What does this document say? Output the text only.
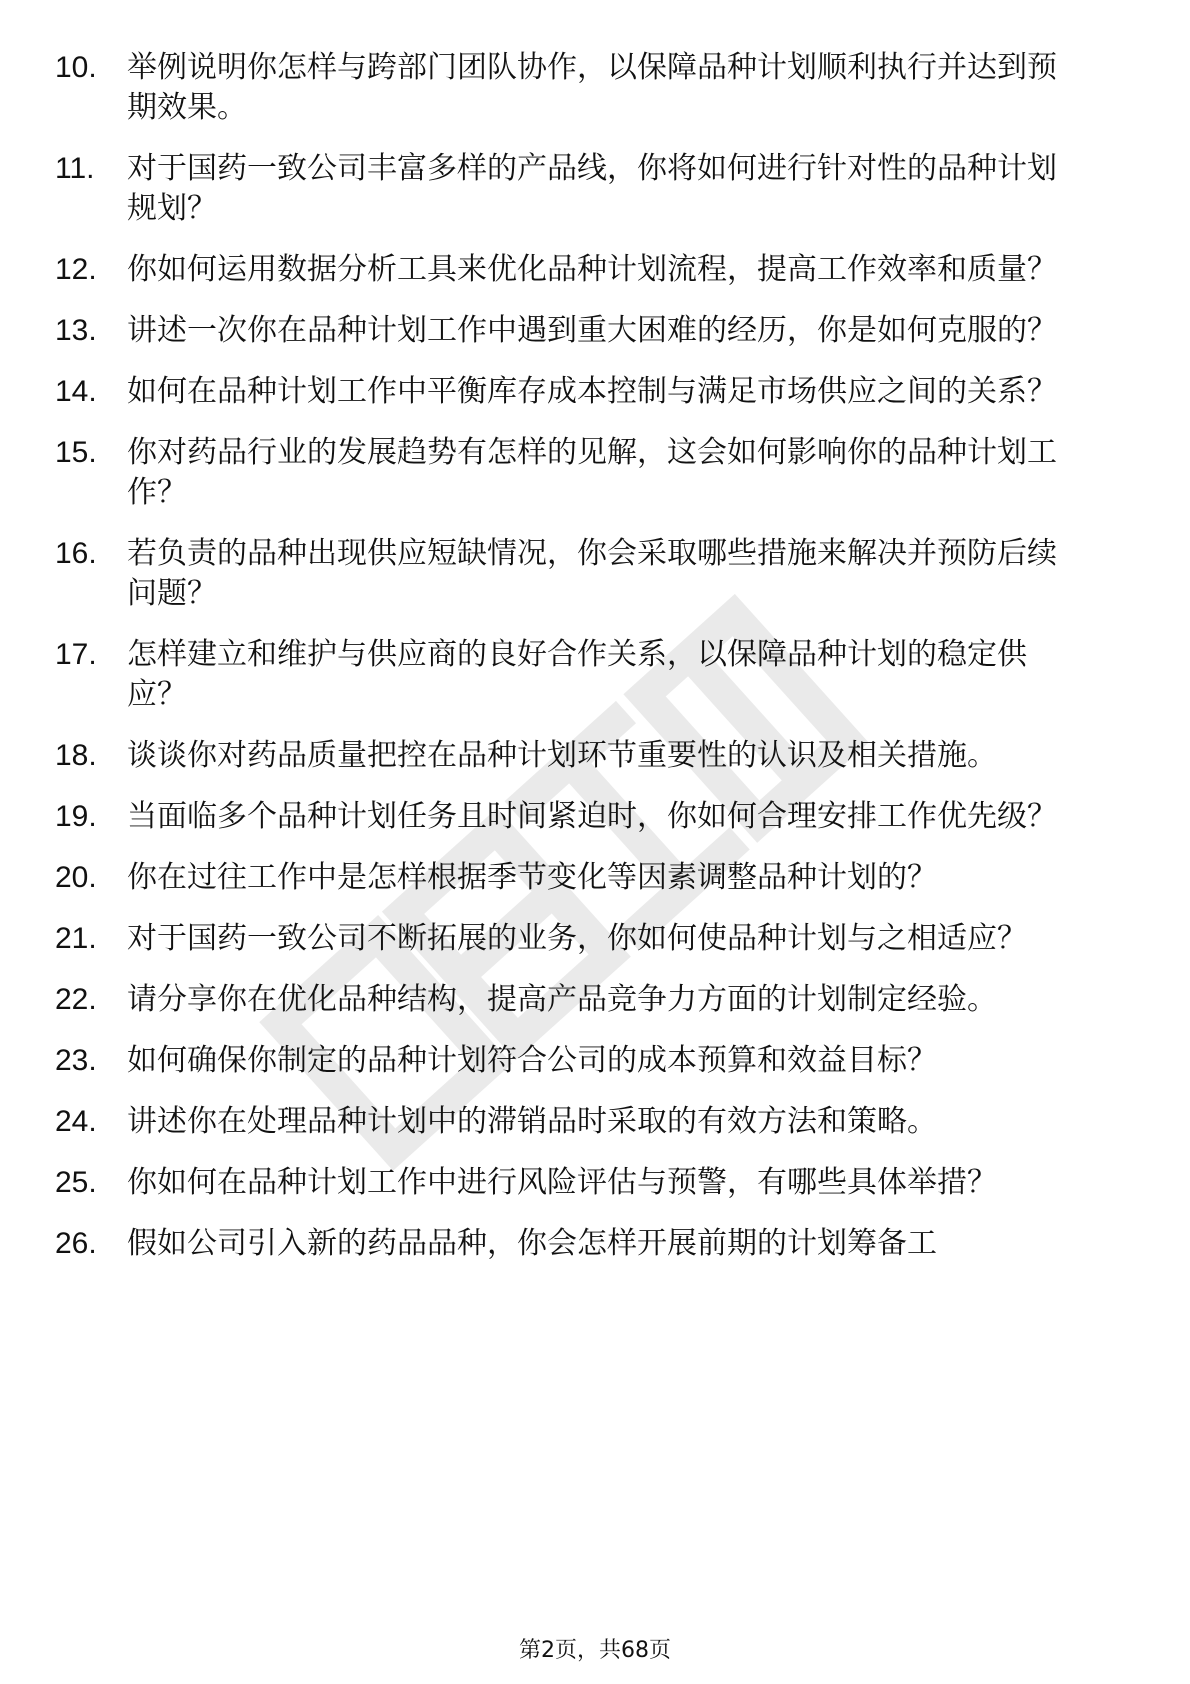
10.	举例说明你怎样与跨部门团队协作，以保障品种计划顺利执行并达到预期效果。
11.	对于国药一致公司丰富多样的产品线，你将如何进行针对性的品种计划规划？
12.	你如何运用数据分析工具来优化品种计划流程，提高工作效率和质量？
13.	讲述一次你在品种计划工作中遇到重大困难的经历，你是如何克服的？
14.	如何在品种计划工作中平衡库存成本控制与满足市场供应之间的关系？
15.	你对药品行业的发展趋势有怎样的见解，这会如何影响你的品种计划工作？
16.	若负责的品种出现供应短缺情况，你会采取哪些措施来解决并预防后续问题？
17.	怎样建立和维护与供应商的良好合作关系，以保障品种计划的稳定供应？
18.	谈谈你对药品质量把控在品种计划环节重要性的认识及相关措施。
19.	当面临多个品种计划任务且时间紧迫时，你如何合理安排工作优先级？
20.	你在过往工作中是怎样根据季节变化等因素调整品种计划的？
21.	对于国药一致公司不断拓展的业务，你如何使品种计划与之相适应？
22.	请分享你在优化品种结构，提高产品竞争力方面的计划制定经验。
23.	如何确保你制定的品种计划符合公司的成本预算和效益目标？
24.	讲述你在处理品种计划中的滞销品时采取的有效方法和策略。
25.	你如何在品种计划工作中进行风险评估与预警，有哪些具体举措？
26.	假如公司引入新的药品品种，你会怎样开展前期的计划筹备工
第2页，共68页
